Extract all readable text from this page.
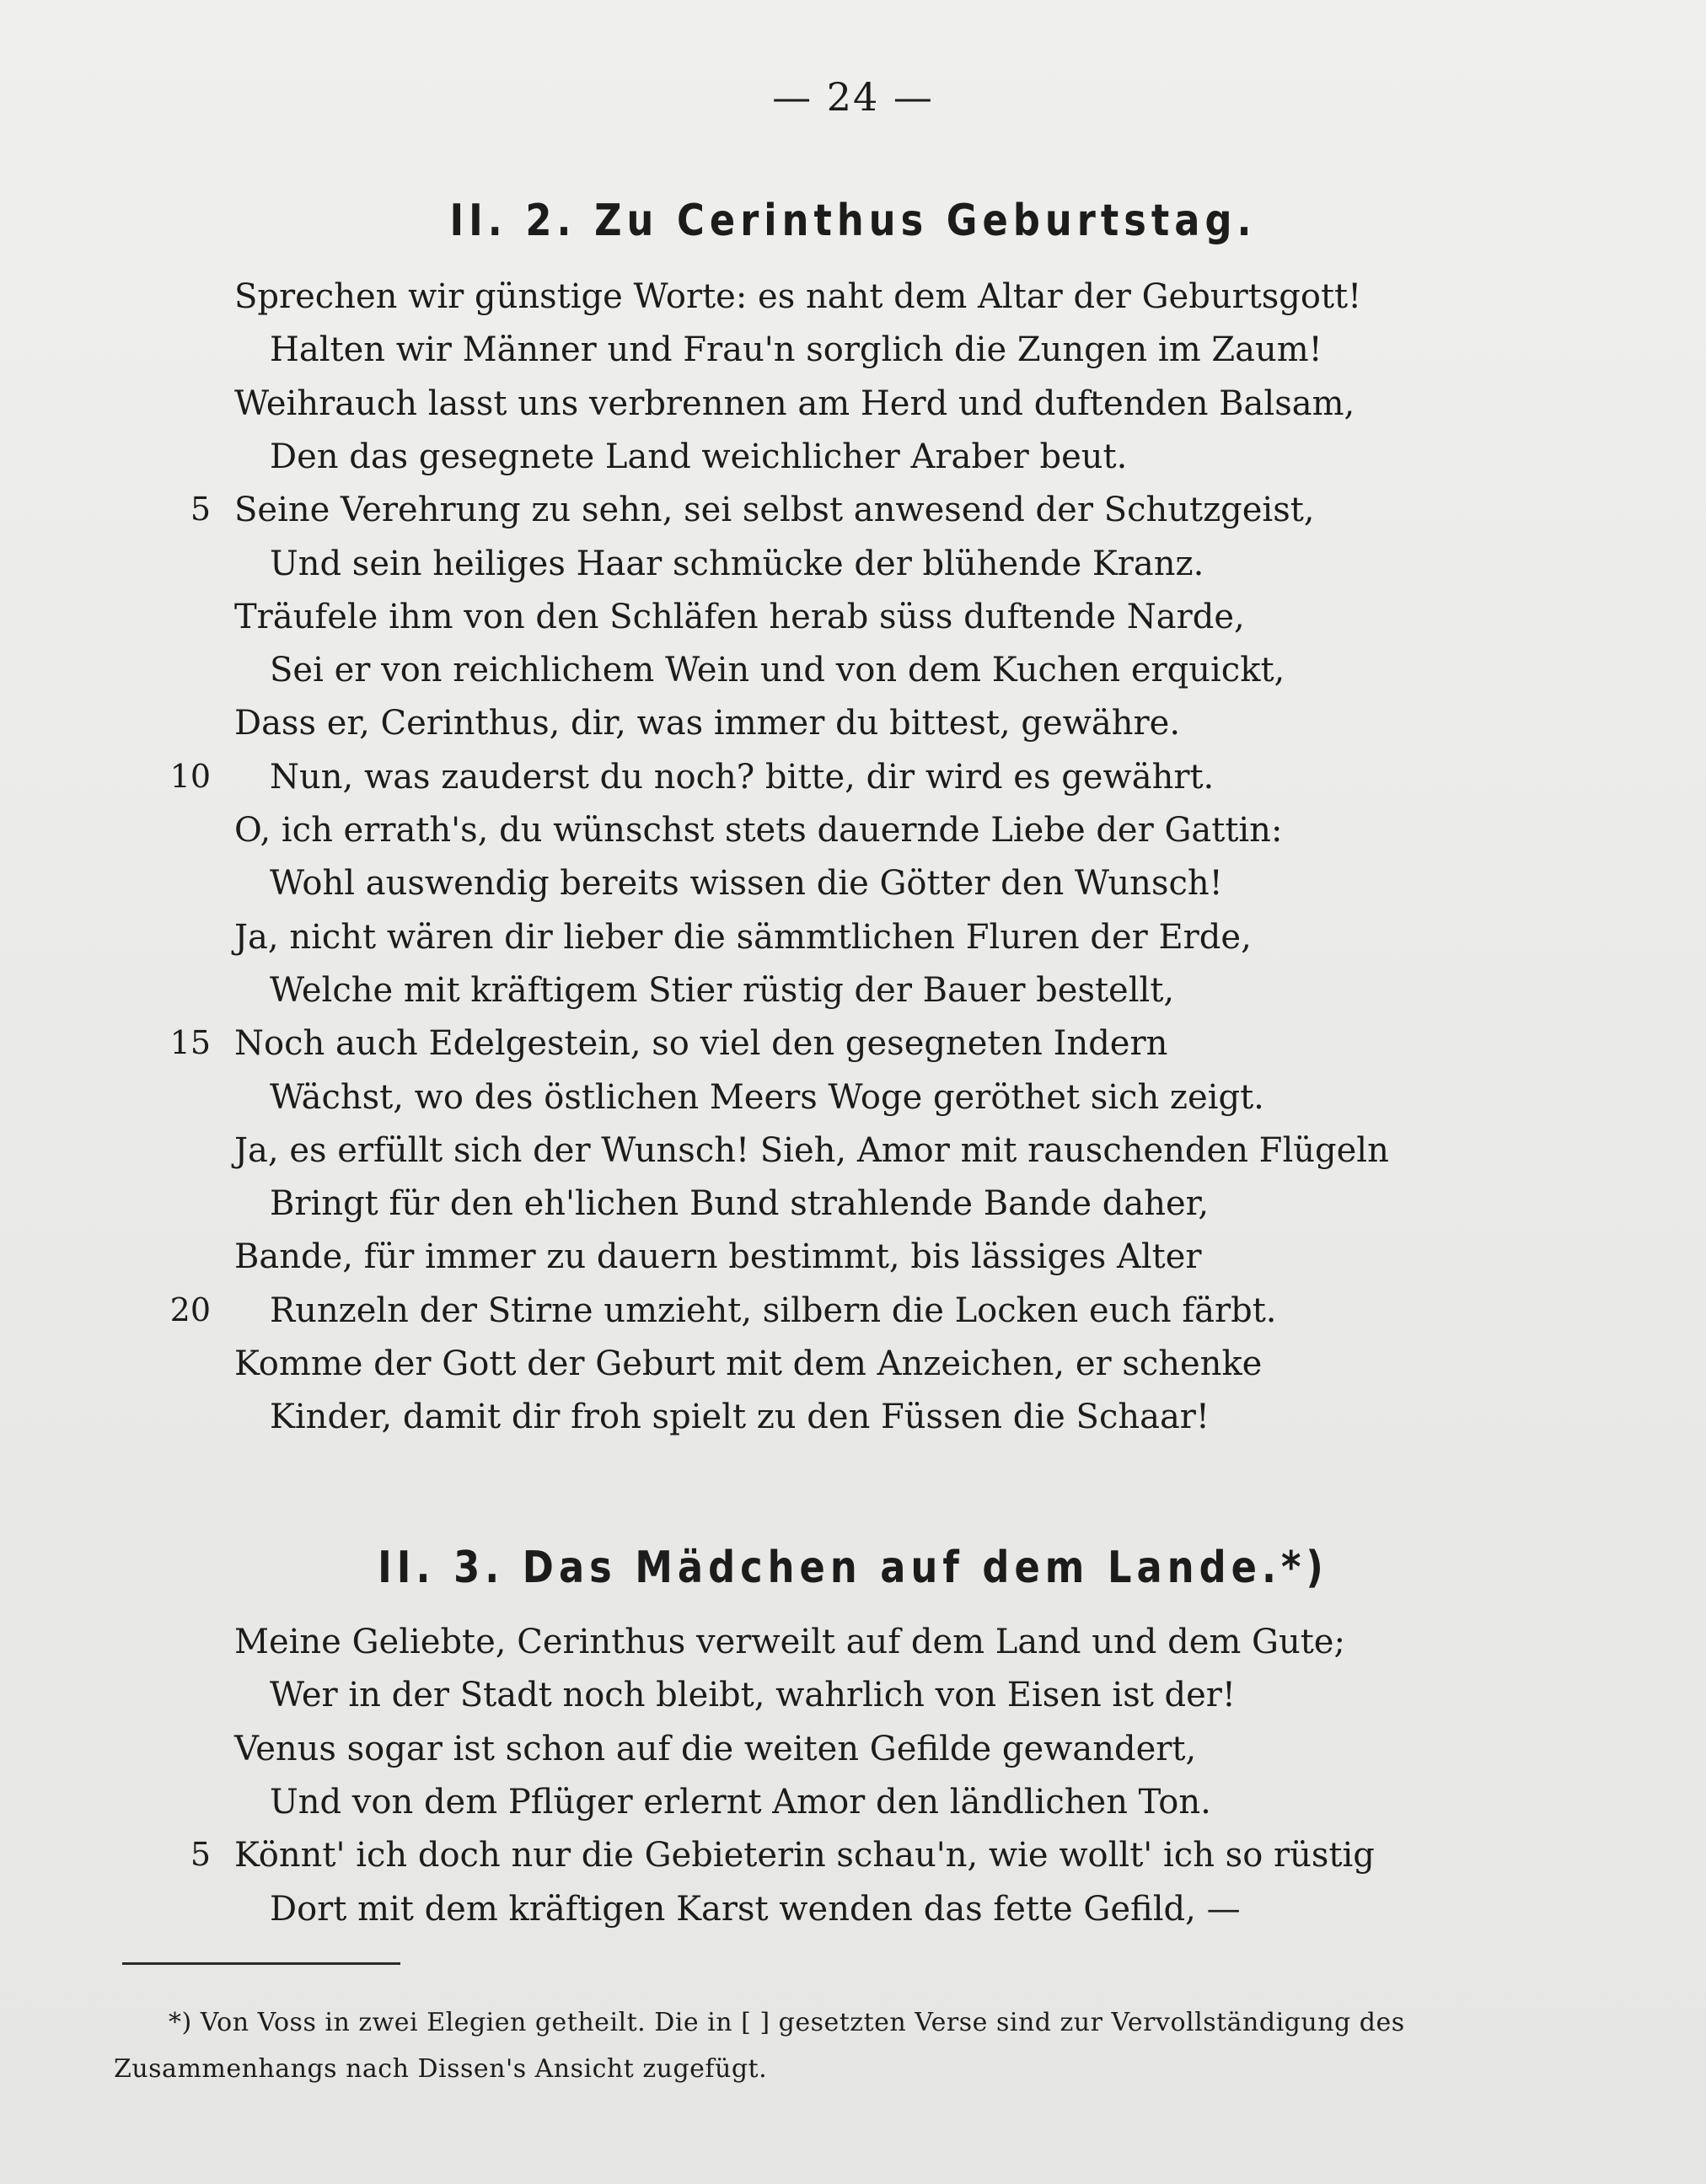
— 24 —
II. 2. Zu Cerinthus Geburtstag.
Sprechen wir günstige Worte: es naht dem Altar der Geburtsgott!
Halten wir Männer und Frau'n sorglich die Zungen im Zaum!
Weihrauch lasst uns verbrennen am Herd und duftenden Balsam,
Den das gesegnete Land weichlicher Araber beut.
5 Seine Verehrung zu sehn, sei selbst anwesend der Schutzgeist,
Und sein heiliges Haar schmücke der blühende Kranz.
Träufele ihm von den Schläfen herab süss duftende Narde,
Sei er von reichlichem Wein und von dem Kuchen erquickt,
Dass er, Cerinthus, dir, was immer du bittest, gewähre.
10 Nun, was zauderst du noch? bitte, dir wird es gewährt.
O, ich errath's, du wünschst stets dauernde Liebe der Gattin:
Wohl auswendig bereits wissen die Götter den Wunsch!
Ja, nicht wären dir lieber die sämmtlichen Fluren der Erde,
Welche mit kräftigem Stier rüstig der Bauer bestellt,
15 Noch auch Edelgestein, so viel den gesegneten Indern
Wächst, wo des östlichen Meers Woge geröthet sich zeigt.
Ja, es erfüllt sich der Wunsch! Sieh, Amor mit rauschenden Flügeln
Bringt für den eh'lichen Bund strahlende Bande daher,
Bande, für immer zu dauern bestimmt, bis lässiges Alter
20 Runzeln der Stirne umzieht, silbern die Locken euch färbt.
Komme der Gott der Geburt mit dem Anzeichen, er schenke
Kinder, damit dir froh spielt zu den Füssen die Schaar!
II. 3. Das Mädchen auf dem Lande.*)
Meine Geliebte, Cerinthus verweilt auf dem Land und dem Gute;
Wer in der Stadt noch bleibt, wahrlich von Eisen ist der!
Venus sogar ist schon auf die weiten Gefilde gewandert,
Und von dem Pflüger erlernt Amor den ländlichen Ton.
5 Könnt' ich doch nur die Gebieterin schau'n, wie wollt' ich so rüstig
Dort mit dem kräftigen Karst wenden das fette Gefild, —
*) Von Voss in zwei Elegien getheilt. Die in [ ] gesetzten Verse sind zur Vervollständigung des
Zusammenhangs nach Dissen's Ansicht zugefügt.
